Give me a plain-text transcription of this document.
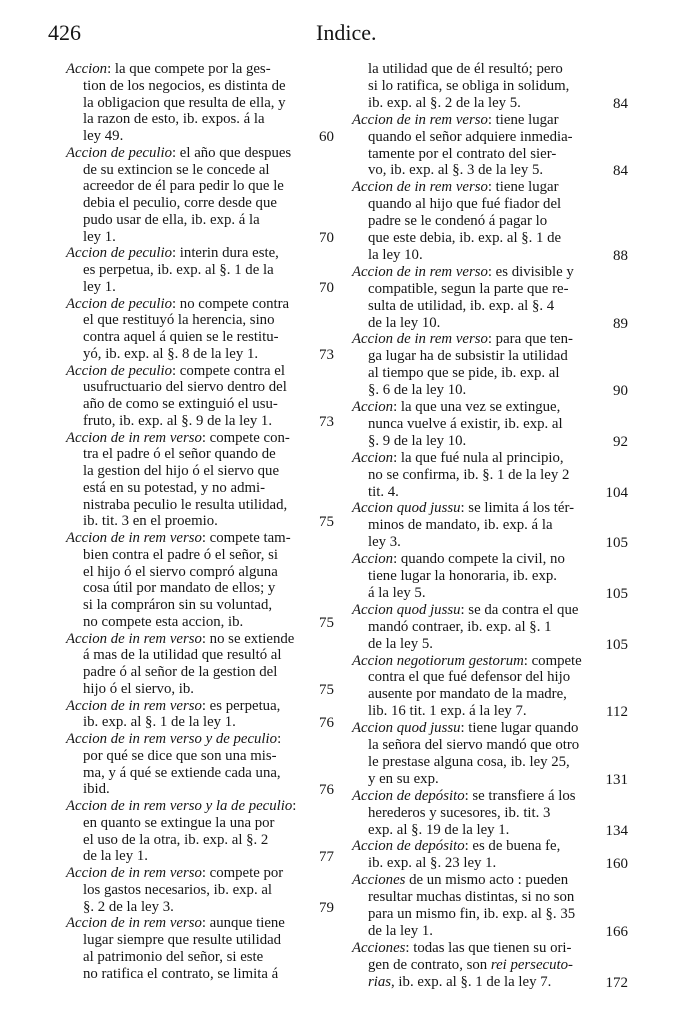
426	Indice.
Accion: la que compete por la ges-
tion de los negocios, es distinta de
la obligacion que resulta de ella, y
la razon de esto, ib. expos. á la
ley 49.	60
Accion de peculio: el año que despues
de su extincion se le concede al
acreedor de él para pedir lo que le
debia el peculio, corre desde que
pudo usar de ella, ib. exp. á la
ley 1.	70
Accion de peculio: interin dura este,
es perpetua, ib. exp. al §. 1 de la
ley 1.	70
Accion de peculio: no compete contra
el que restituyó la herencia, sino
contra aquel á quien se le restitu-
yó, ib. exp. al §. 8 de la ley 1.	73
Accion de peculio: compete contra el
usufructuario del siervo dentro del
año de como se extinguió el usu-
fruto, ib. exp. al §. 9 de la ley 1.	73
Accion de in rem verso: compete con-
tra el padre ó el señor quando de
la gestion del hijo ó el siervo que
está en su potestad, y no admi-
nistraba peculio le resulta utilidad,
ib. tit. 3 en el proemio.	75
Accion de in rem verso: compete tam-
bien contra el padre ó el señor, si
el hijo ó el siervo compró alguna
cosa útil por mandato de ellos; y
si la compráron sin su voluntad,
no compete esta accion, ib.	75
Accion de in rem verso: no se extiende
á mas de la utilidad que resultó al
padre ó al señor de la gestion del
hijo ó el siervo, ib.	75
Accion de in rem verso: es perpetua,
ib. exp. al §. 1 de la ley 1.	76
Accion de in rem verso y de peculio:
por qué se dice que son una mis-
ma, y á qué se extiende cada una,
ibid.	76
Accion de in rem verso y la de peculio:
en quanto se extingue la una por
el uso de la otra, ib. exp. al §. 2
de la ley 1.	77
Accion de in rem verso: compete por
los gastos necesarios, ib. exp. al
§. 2 de la ley 3.	79
Accion de in rem verso: aunque tiene
lugar siempre que resulte utilidad
al patrimonio del señor, si este
no ratifica el contrato, se limita á
la utilidad que de él resultó; pero
si lo ratifica, se obliga in solidum,
ib. exp. al §. 2 de la ley 5.	84
Accion de in rem verso: tiene lugar
quando el señor adquiere inmedia-
tamente por el contrato del sier-
vo, ib. exp. al §. 3 de la ley 5.	84
Accion de in rem verso: tiene lugar
quando al hijo que fué fiador del
padre se le condenó á pagar lo
que este debia, ib. exp. al §. 1 de
la ley 10.	88
Accion de in rem verso: es divisible y
compatible, segun la parte que re-
sulta de utilidad, ib. exp. al §. 4
de la ley 10.	89
Accion de in rem verso: para que ten-
ga lugar ha de subsistir la utilidad
al tiempo que se pide, ib. exp. al
§. 6 de la ley 10.	90
Accion: la que una vez se extingue,
nunca vuelve á existir, ib. exp. al
§. 9 de la ley 10.	92
Accion: la que fué nula al principio,
no se confirma, ib. §. 1 de la ley 2
tit. 4.	104
Accion quod jussu: se limita á los tér-
minos de mandato, ib. exp. á la
ley 3.	105
Accion: quando compete la civil, no
tiene lugar la honoraria, ib. exp.
á la ley 5.	105
Accion quod jussu: se da contra el que
mandó contraer, ib. exp. al §. 1
de la ley 5.	105
Accion negotiorum gestorum: compete
contra el que fué defensor del hijo
ausente por mandato de la madre,
lib. 16 tit. 1 exp. á la ley 7.	112
Accion quod jussu: tiene lugar quando
la señora del siervo mandó que otro
le prestase alguna cosa, ib. ley 25,
y en su exp.	131
Accion de depósito: se transfiere á los
herederos y sucesores, ib. tit. 3
exp. al §. 19 de la ley 1.	134
Accion de depósito: es de buena fe,
ib. exp. al §. 23 ley 1.	160
Acciones de un mismo acto : pueden
resultar muchas distintas, si no son
para un mismo fin, ib. exp. al §. 35
de la ley 1.	166
Acciones: todas las que tienen su ori-
gen de contrato, son rei persecuto-
rias, ib. exp. al §. 1 de la ley 7.	172
